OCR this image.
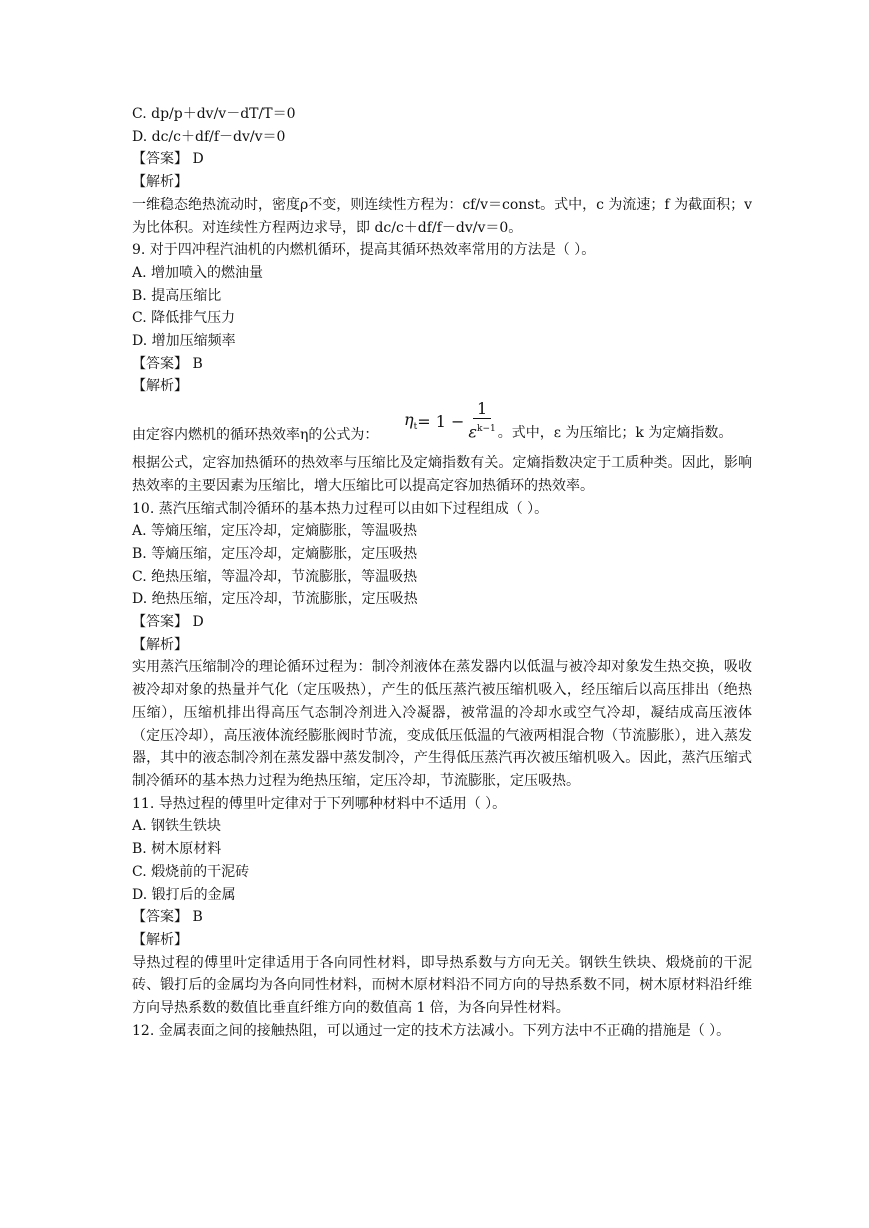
C. dp/p＋dv/v－dT/T＝0
D. dc/c＋df/f－dv/v＝0
【答案】 D
【解析】
一维稳态绝热流动时，密度ρ不变，则连续性方程为：cf/v＝const。式中，c 为流速；f 为截面积；v 为比体积。对连续性方程两边求导，即 dc/c＋df/f－dv/v＝0。
9. 对于四冲程汽油机的内燃机循环，提高其循环热效率常用的方法是（ ）。
A. 增加喷入的燃油量
B. 提高压缩比
C. 降低排气压力
D. 增加压缩频率
【答案】 B
【解析】
由定容内燃机的循环热效率η的公式为：
$\eta_t = 1 - \frac{1}{\varepsilon^{k-1}}$ 。式中，ε 为压缩比；k 为定熵指数。
根据公式，定容加热循环的热效率与压缩比及定熵指数有关。定熵指数决定于工质种类。因此，影响热效率的主要因素为压缩比，增大压缩比可以提高定容加热循环的热效率。
10. 蒸汽压缩式制冷循环的基本热力过程可以由如下过程组成（ ）。
A. 等熵压缩，定压冷却，定熵膨胀，等温吸热
B. 等熵压缩，定压冷却，定熵膨胀，定压吸热
C. 绝热压缩，等温冷却，节流膨胀，等温吸热
D. 绝热压缩，定压冷却，节流膨胀，定压吸热
【答案】 D
【解析】
实用蒸汽压缩制冷的理论循环过程为：制冷剂液体在蒸发器内以低温与被冷却对象发生热交换，吸收被冷却对象的热量并气化（定压吸热），产生的低压蒸汽被压缩机吸入，经压缩后以高压排出（绝热压缩），压缩机排出得高压气态制冷剂进入冷凝器，被常温的冷却水或空气冷却，凝结成高压液体（定压冷却），高压液体流经膨胀阀时节流，变成低压低温的气液两相混合物（节流膨胀），进入蒸发器，其中的液态制冷剂在蒸发器中蒸发制冷，产生得低压蒸汽再次被压缩机吸入。因此，蒸汽压缩式制冷循环的基本热力过程为绝热压缩，定压冷却，节流膨胀，定压吸热。
11. 导热过程的傅里叶定律对于下列哪种材料中不适用（ ）。
A. 钢铁生铁块
B. 树木原材料
C. 煅烧前的干泥砖
D. 锻打后的金属
【答案】 B
【解析】
导热过程的傅里叶定律适用于各向同性材料，即导热系数与方向无关。钢铁生铁块、煅烧前的干泥砖、锻打后的金属均为各向同性材料，而树木原材料沿不同方向的导热系数不同，树木原材料沿纤维方向导热系数的数值比垂直纤维方向的数值高 1 倍，为各向异性材料。
12. 金属表面之间的接触热阻，可以通过一定的技术方法减小。下列方法中不正确的措施是（ ）。
